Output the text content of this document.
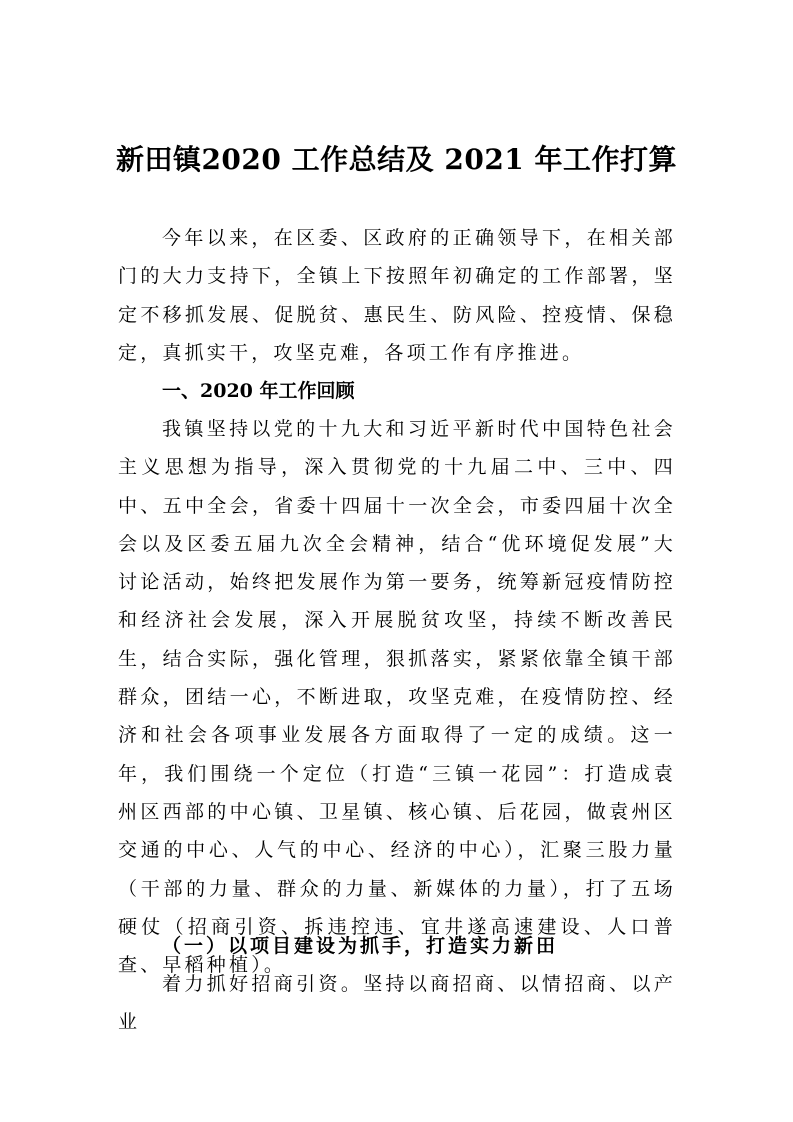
新田镇2020 工作总结及 2021 年工作打算

今年以来，在区委、区政府的正确领导下，在相关部门的大力支持下，全镇上下按照年初确定的工作部署，坚定不移抓发展、促脱贫、惠民生、防风险、控疫情、保稳定，真抓实干，攻坚克难，各项工作有序推进。

一、2020 年工作回顾

我镇坚持以党的十九大和习近平新时代中国特色社会主义思想为指导，深入贯彻党的十九届二中、三中、四中、五中全会，省委十四届十一次全会，市委四届十次全会以及区委五届九次全会精神，结合“优环境促发展”大讨论活动，始终把发展作为第一要务，统筹新冠疫情防控和经济社会发展，深入开展脱贫攻坚，持续不断改善民生，结合实际，强化管理，狠抓落实，紧紧依靠全镇干部群众，团结一心，不断进取，攻坚克难，在疫情防控、经济和社会各项事业发展各方面取得了一定的成绩。这一年，我们围绕一个定位（打造“三镇一花园”：打造成袁州区西部的中心镇、卫星镇、核心镇、后花园，做袁州区交通的中心、人气的中心、经济的中心），汇聚三股力量（干部的力量、群众的力量、新媒体的力量），打了五场硬仗（招商引资、拆违控违、宜井遂高速建设、人口普查、早稻种植）。

（一）以项目建设为抓手，打造实力新田

着力抓好招商引资。坚持以商招商、以情招商、以产业
